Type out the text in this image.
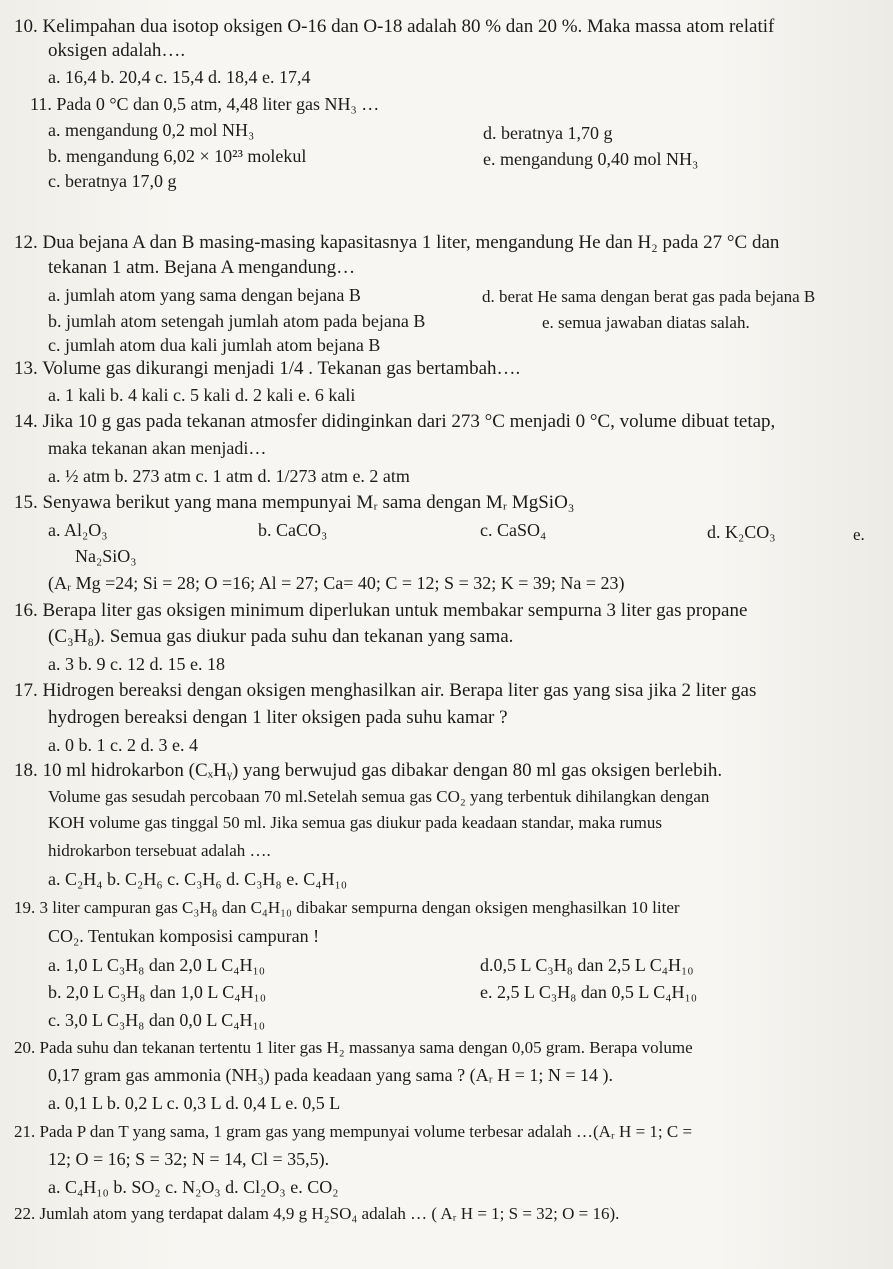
10. Kelimpahan dua isotop oksigen O-16 dan O-18 adalah 80 % dan 20 %. Maka massa atom relatif
oksigen adalah….
a. 16,4 b. 20,4 c. 15,4 d. 18,4 e. 17,4
11. Pada 0 °C dan 0,5 atm, 4,48 liter gas NH₃ …
a. mengandung 0,2 mol NH₃	d. beratnya 1,70 g
b. mengandung 6,02 × 10²³ molekul	e. mengandung 0,40 mol NH₃
c. beratnya 17,0 g
12. Dua bejana A dan B masing-masing kapasitasnya 1 liter, mengandung He dan H₂ pada 27 °C dan
tekanan 1 atm. Bejana A mengandung…
a. jumlah atom yang sama dengan bejana B	d. berat He sama dengan berat gas pada bejana B
b. jumlah atom setengah jumlah atom pada bejana B	e. semua jawaban diatas salah.
c. jumlah atom dua kali jumlah atom bejana B
13. Volume gas dikurangi menjadi 1/4 . Tekanan gas bertambah….
a. 1 kali b. 4 kali c. 5 kali d. 2 kali e. 6 kali
14. Jika 10 g gas pada tekanan atmosfer didinginkan dari 273 °C menjadi 0 °C, volume dibuat tetap,
maka tekanan akan menjadi…
a. ½ atm b. 273 atm c. 1 atm d. 1/273 atm e. 2 atm
15. Senyawa berikut yang mana mempunyai Mᵣ sama dengan Mᵣ MgSiO₃
a. Al₂O₃	b. CaCO₃	c. CaSO₄	d. K₂CO₃	e.
Na₂SiO₃
(Aᵣ Mg =24; Si = 28; O =16; Al = 27; Ca= 40; C = 12; S = 32; K = 39; Na = 23)
16. Berapa liter gas oksigen minimum diperlukan untuk membakar sempurna 3 liter gas propane
(C₃H₈). Semua gas diukur pada suhu dan tekanan yang sama.
a. 3 b. 9 c. 12 d. 15 e. 18
17. Hidrogen bereaksi dengan oksigen menghasilkan air. Berapa liter gas yang sisa jika 2 liter gas
hydrogen bereaksi dengan 1 liter oksigen pada suhu kamar ?
a. 0 b. 1 c. 2 d. 3 e. 4
18. 10 ml hidrokarbon (CₓHᵧ) yang berwujud gas dibakar dengan 80 ml gas oksigen berlebih.
Volume gas sesudah percobaan 70 ml.Setelah semua gas CO₂ yang terbentuk dihilangkan dengan
KOH volume gas tinggal 50 ml. Jika semua gas diukur pada keadaan standar, maka rumus
hidrokarbon tersebuat adalah ….
a. C₂H₄ b. C₂H₆ c. C₃H₆ d. C₃H₈ e. C₄H₁₀
19. 3 liter campuran gas C₃H₈ dan C₄H₁₀ dibakar sempurna dengan oksigen menghasilkan 10 liter
CO₂. Tentukan komposisi campuran !
a. 1,0 L C₃H₈ dan 2,0 L C₄H₁₀	d.0,5 L C₃H₈ dan 2,5 L C₄H₁₀
b. 2,0 L C₃H₈ dan 1,0 L C₄H₁₀	e. 2,5 L C₃H₈ dan 0,5 L C₄H₁₀
c. 3,0 L C₃H₈ dan 0,0 L C₄H₁₀
20. Pada suhu dan tekanan tertentu 1 liter gas H₂ massanya sama dengan 0,05 gram. Berapa volume
0,17 gram gas ammonia (NH₃) pada keadaan yang sama ? (Aᵣ H = 1; N = 14 ).
a. 0,1 L b. 0,2 L c. 0,3 L d. 0,4 L e. 0,5 L
21. Pada P dan T yang sama, 1 gram gas yang mempunyai volume terbesar adalah …(Aᵣ H = 1; C =
12; O = 16; S = 32; N = 14, Cl = 35,5).
a. C₄H₁₀ b. SO₂ c. N₂O₃ d. Cl₂O₃ e. CO₂
22. Jumlah atom yang terdapat dalam 4,9 g H₂SO₄ adalah … ( Aᵣ H = 1; S = 32; O = 16).
